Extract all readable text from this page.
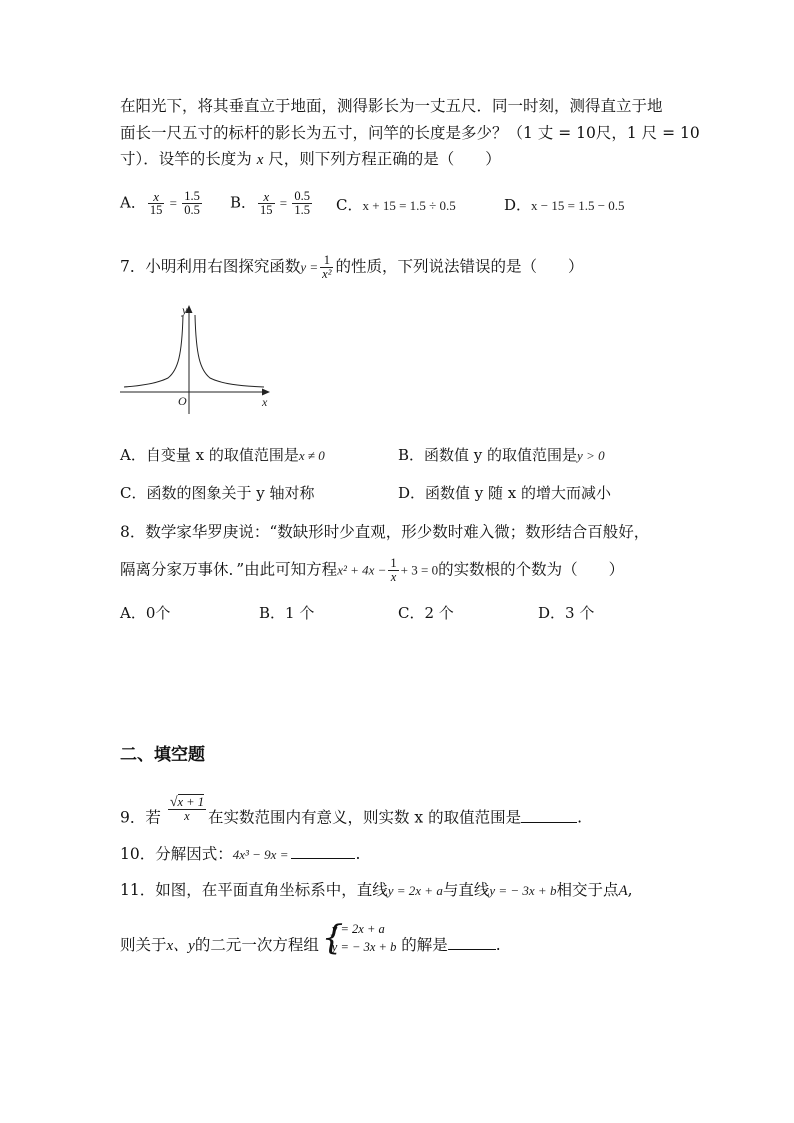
在阳光下，将其垂直立于地面，测得影长为一丈五尺．同一时刻，测得直立于地
面长一尺五寸的标杆的影长为五寸，问竿的长度是多少？（1 丈 = 10尺，1 尺 = 10
寸）．设竿的长度为 x 尺，则下列方程正确的是（　　）
A． $\frac{x}{15} = \frac{1.5}{0.5}$ B． $\frac{x}{15} = \frac{0.5}{1.5}$ C．x + 15 = 1.5 ÷ 0.5	D．x − 15 = 1.5 − 0.5
7．小明利用右图探究函数$y = \frac{1}{\text{x²}}$ 的性质，下列说法错误的是（　　）
y
x
O
A．自变量 x 的取值范围是x ≠ 0	B．函数值 y 的取值范围是y > 0
C．函数的图象关于 y 轴对称	D．函数值 y 随 x 的增大而减小
8．数学家华罗庚说：“数缺形时少直观，形少数时难入微；数形结合百般好，
隔离分家万事休．”由此可知方程$x^2 + 4x - \frac{1}{x} + 3 = 0$的实数根的个数为（　　）
A．0个	B．1 个	C．2 个	D．3 个
二、填空题
9．若 $\frac{√x + 1}{x}$ 在实数范围内有意义，则实数 x 的取值范围是	.
10．分解因式：4x³ − 9x =	.
11．如图，在平面直角坐标系中，直线y = 2x + a与直线y = − 3x + b相交于点A,
则关于x、y的二元一次方程组
{ y = 2x + a
y = − 3x + b 的解是	.
